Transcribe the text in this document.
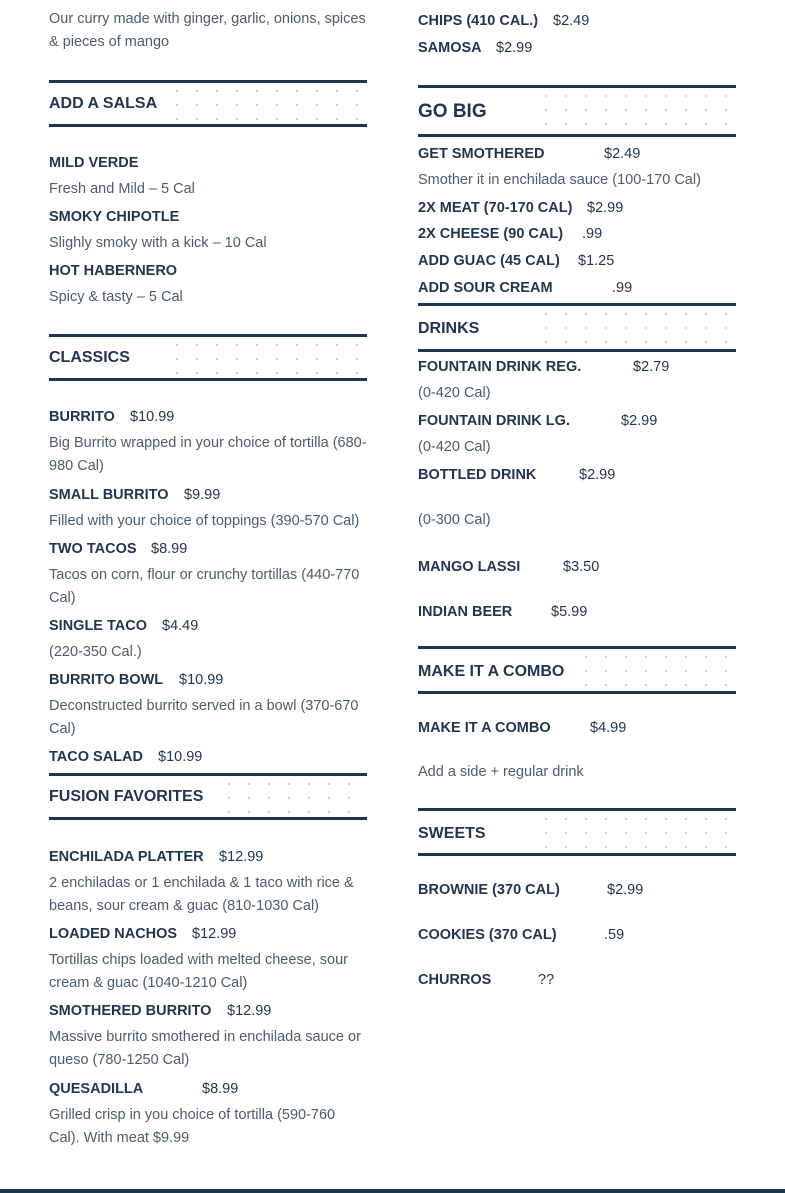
Our curry made with ginger, garlic, onions, spices & pieces of mango
ADD A SALSA
MILD VERDE
Fresh and Mild – 5 Cal
SMOKY CHIPOTLE
Slighly smoky with a kick – 10 Cal
HOT HABERNERO
Spicy & tasty – 5 Cal
CLASSICS
BURRITO $10.99
Big Burrito wrapped in your choice of tortilla (680-980 Cal)
SMALL BURRITO $9.99
Filled with your choice of toppings (390-570 Cal)
TWO TACOS $8.99
Tacos on corn, flour or crunchy tortillas (440-770 Cal)
SINGLE TACO $4.49
(220-350 Cal.)
BURRITO BOWL $10.99
Deconstructed burrito served in a bowl (370-670 Cal)
TACO SALAD $10.99
FUSION FAVORITES
ENCHILADA PLATTER $12.99
2 enchiladas or 1 enchilada & 1 taco with rice & beans, sour cream & guac (810-1030 Cal)
LOADED NACHOS $12.99
Tortillas chips loaded with melted cheese, sour cream & guac (1040-1210 Cal)
SMOTHERED BURRITO $12.99
Massive burrito smothered in enchilada sauce or queso (780-1250 Cal)
QUESADILLA	$8.99
Grilled crisp in you choice of tortilla (590-760 Cal). With meat $9.99
CHIPS (410 CAL.) $2.49
SAMOSA $2.99
GO BIG
GET SMOTHERED	$2.49
Smother it in enchilada sauce (100-170 Cal)
2X MEAT (70-170 CAL) $2.99
2X CHEESE (90 CAL) .99
ADD GUAC (45 CAL) $1.25
ADD SOUR CREAM	.99
DRINKS
FOUNTAIN DRINK REG.	$2.79
(0-420 Cal)
FOUNTAIN DRINK LG.	$2.99
(0-420 Cal)
BOTTLED DRINK	$2.99
(0-300 Cal)
MANGO LASSI	$3.50
INDIAN BEER	$5.99
MAKE IT A COMBO
MAKE IT A COMBO	$4.99
Add a side + regular drink
SWEETS
BROWNIE (370 CAL)	$2.99
COOKIES (370 CAL)	.59
CHURROS	??
